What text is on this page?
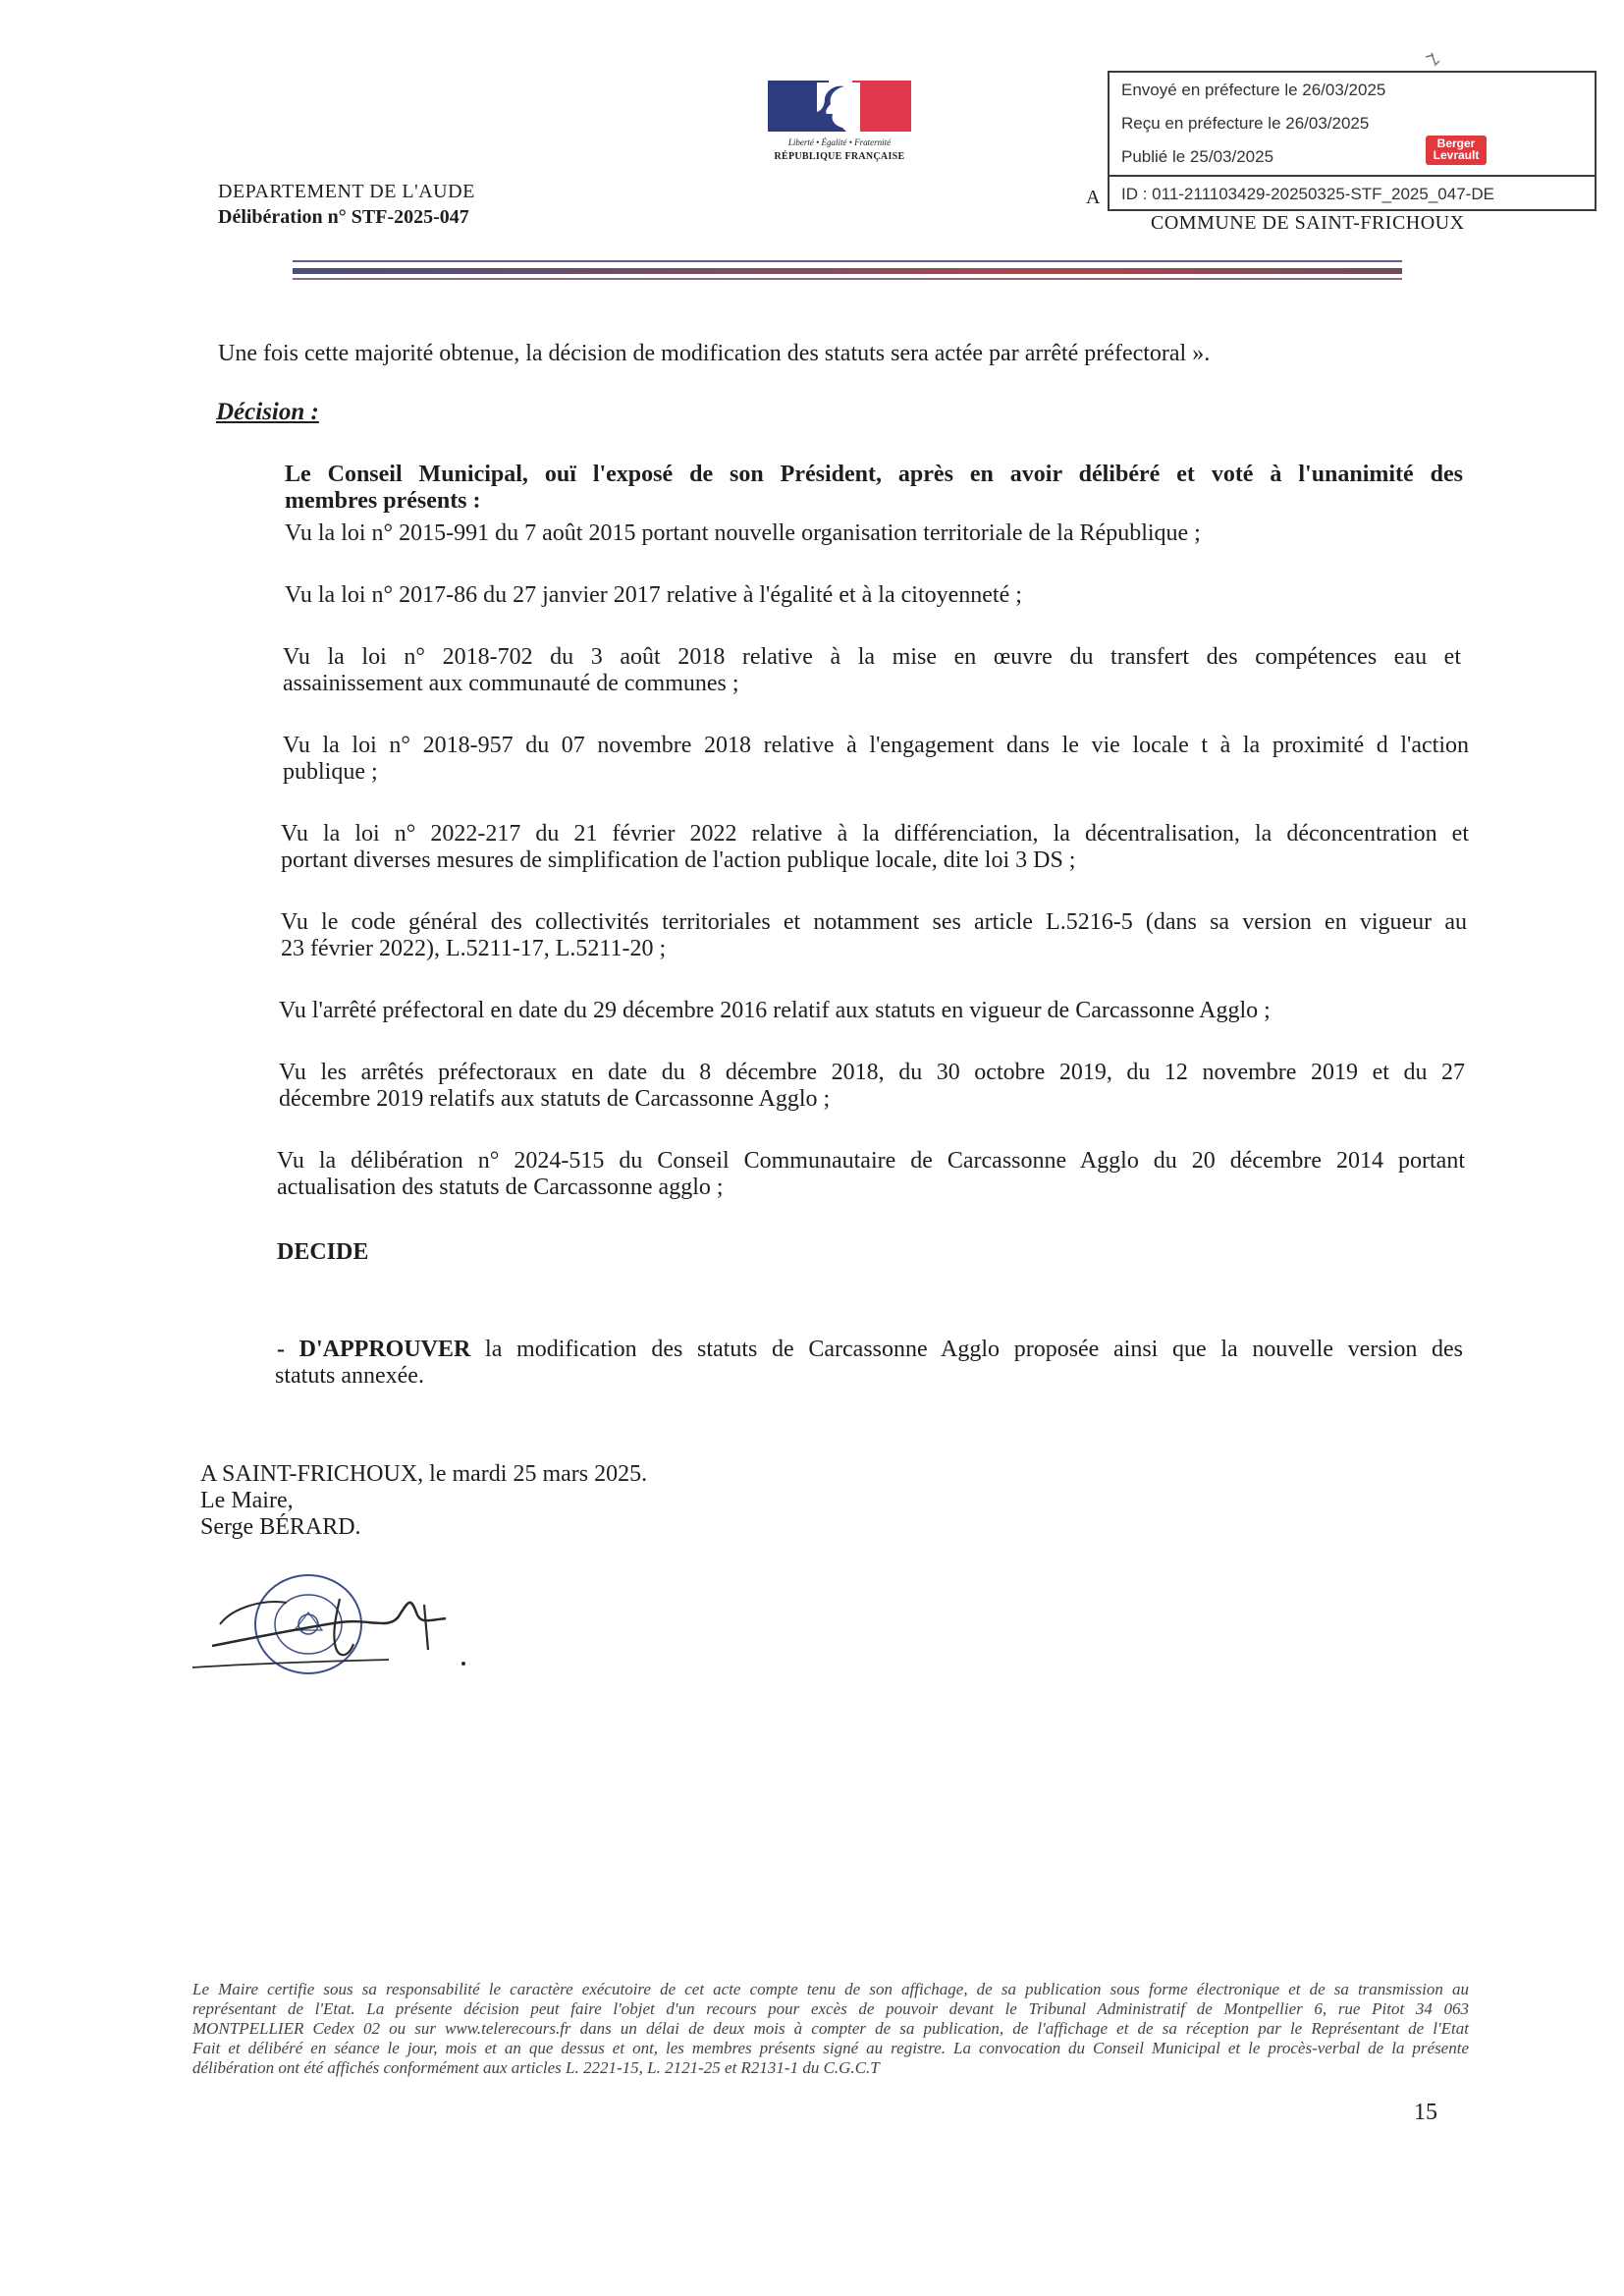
Liberté • Égalité • Fraternité
RÉPUBLIQUE FRANÇAISE
DEPARTEMENT DE L'AUDE
Délibération n° STF-2025-047
A
Envoyé en préfecture le 26/03/2025
Reçu en préfecture le 26/03/2025
Publié le 25/03/2025
Berger
Levrault
ID : 011-211103429-20250325-STF_2025_047-DE
COMMUNE DE SAINT-FRICHOUX
Une fois cette majorité obtenue, la décision de modification des statuts sera actée par arrêté préfectoral ».
Décision :
Le Conseil Municipal, ouï l'exposé de son Président, après en avoir délibéré et voté à l'unanimité des
membres présents :
Vu la loi n° 2015-991 du 7 août 2015 portant nouvelle organisation territoriale de la République ;
Vu la loi n° 2017-86 du 27 janvier 2017 relative à l'égalité et à la citoyenneté ;
Vu la loi n° 2018-702 du 3 août 2018 relative à la mise en œuvre du transfert des compétences eau et
assainissement aux communauté de communes ;
Vu la loi n° 2018-957 du 07 novembre 2018 relative à l'engagement dans le vie locale t à la proximité d l'action
publique ;
Vu la loi n° 2022-217 du 21 février 2022 relative à la différenciation, la décentralisation, la déconcentration et
portant diverses mesures de simplification de l'action publique locale, dite loi 3 DS ;
Vu le code général des collectivités territoriales et notamment ses article L.5216-5 (dans sa version en vigueur au
23 février 2022), L.5211-17, L.5211-20 ;
Vu l'arrêté préfectoral en date du 29 décembre 2016 relatif aux statuts en vigueur de Carcassonne Agglo ;
Vu les arrêtés préfectoraux en date du 8 décembre 2018, du 30 octobre 2019, du 12 novembre 2019 et du 27
décembre 2019 relatifs aux statuts de Carcassonne Agglo ;
Vu la délibération n° 2024-515 du Conseil Communautaire de Carcassonne Agglo du 20 décembre 2014 portant
actualisation des statuts de Carcassonne agglo ;
DECIDE
- D'APPROUVER la modification des statuts de Carcassonne Agglo proposée ainsi que la nouvelle version des
statuts annexée.
A SAINT-FRICHOUX, le mardi 25 mars 2025.
Le Maire,
Serge BÉRARD.

Le Maire certifie sous sa responsabilité le caractère exécutoire de cet acte compte tenu de son affichage, de sa publication sous forme électronique et de sa transmission au

représentant de l'Etat. La présente décision peut faire l'objet d'un recours pour excès de pouvoir devant le Tribunal Administratif de Montpellier 6, rue Pitot 34 063

MONTPELLIER Cedex 02 ou sur www.telerecours.fr dans un délai de deux mois à compter de sa publication, de l'affichage et de sa réception par le Représentant de l'Etat

Fait et délibéré en séance le jour, mois et an que dessus et ont, les membres présents signé au registre. La convocation du Conseil Municipal et le procès-verbal de la présente

délibération ont été affichés conformément aux articles L. 2221-15, L. 2121-25 et R2131-1 du C.G.C.T

15
